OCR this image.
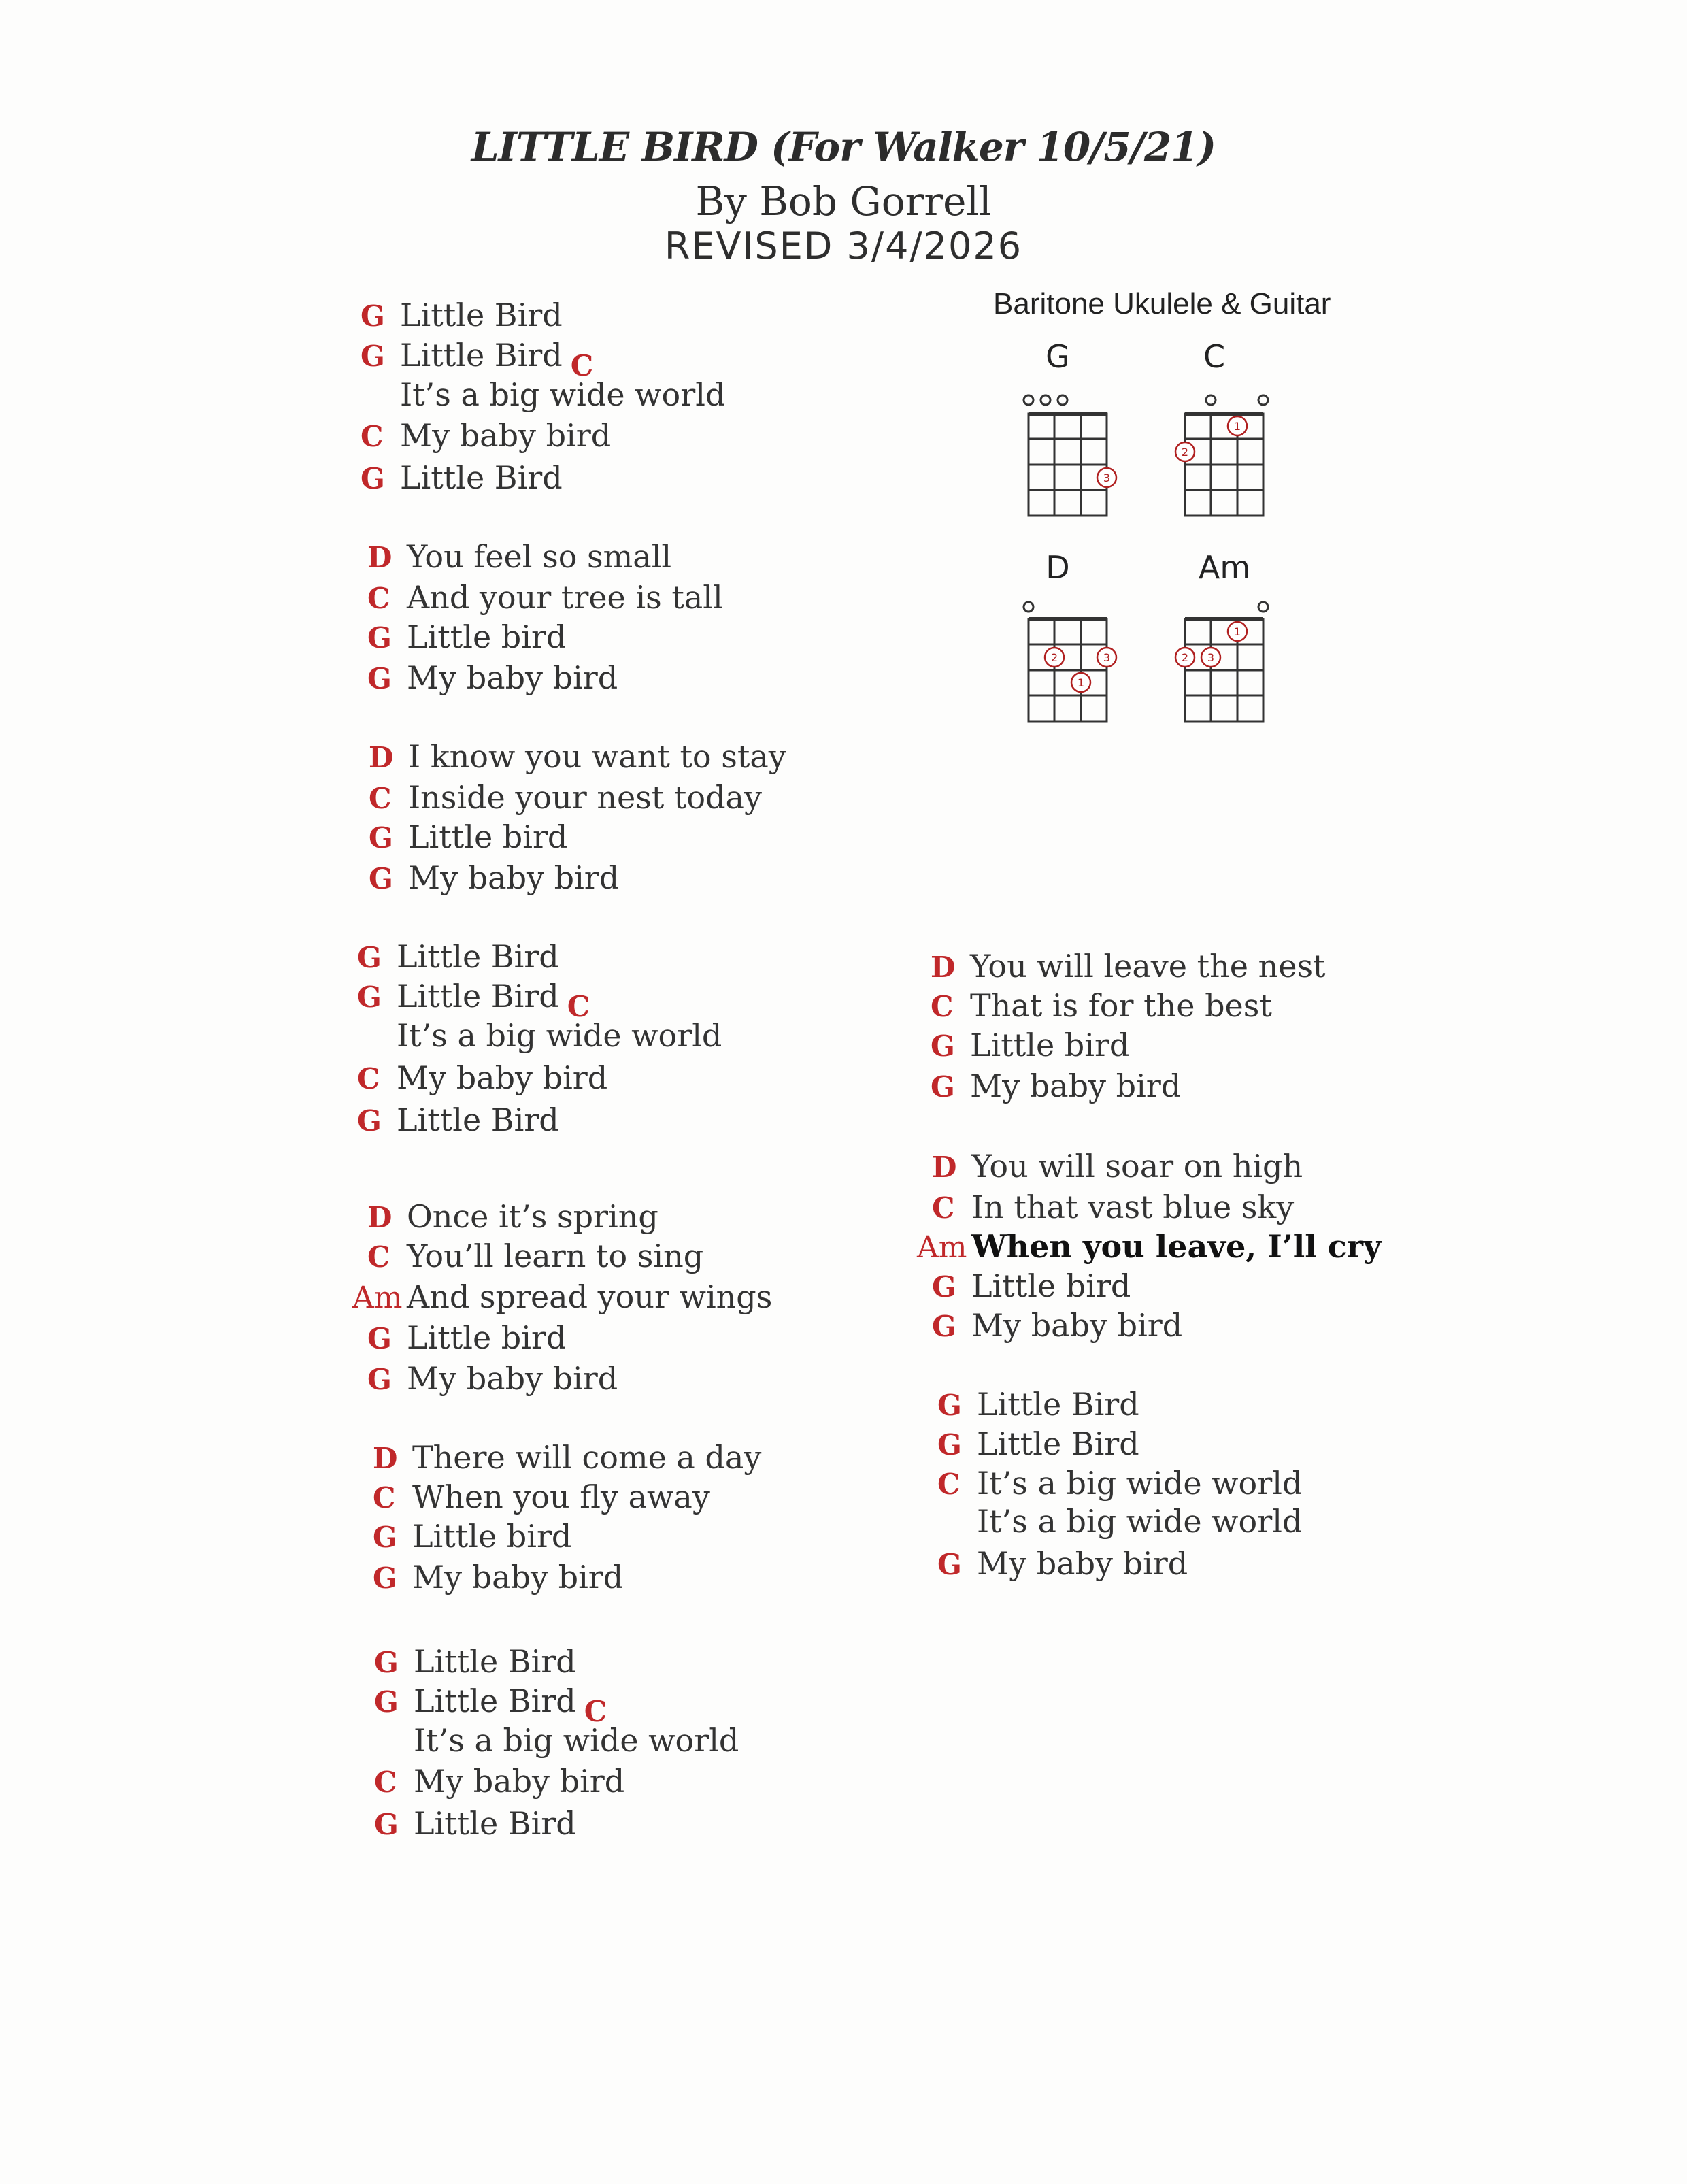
LITTLE BIRD (For Walker 10/5/21)
By Bob Gorrell
REVISED 3/4/2026
Baritone Ukulele & Guitar
G
3
C
1
2
D
2	3
1
Am
1
2 3
G Little Bird
G Little Bird C
It’s a big wide world
C My baby bird
G Little Bird
D You feel so small
C And your tree is tall
G Little bird
G My baby bird
D I know you want to stay
C Inside your nest today
G Little bird
G My baby bird
G Little Bird
G Little Bird C
It’s a big wide world
C My baby bird
G Little Bird
D Once it’s spring
C You’ll learn to sing
Am And spread your wings
G Little bird
G My baby bird
D There will come a day
C When you fly away
G Little bird
G My baby bird
G Little Bird
G Little Bird C
It’s a big wide world
C My baby bird
G Little Bird
D You will leave the nest
C That is for the best
G Little bird
G My baby bird
D You will soar on high
C In that vast blue sky
Am When you leave, I’ll cry
G Little bird
G My baby bird
G Little Bird
G Little Bird
C It’s a big wide world
It’s a big wide world
G My baby bird
